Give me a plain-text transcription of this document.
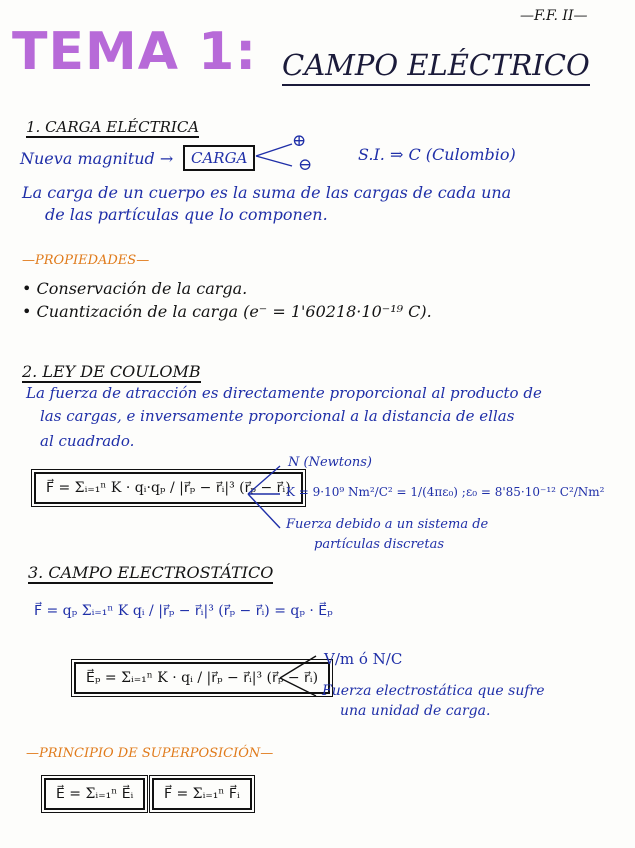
—F.F. II—
TEMA 1: CAMPO ELÉCTRICO
1. CARGA ELÉCTRICA
Nueva magnitud →	CARGA
⊕
⊖
S.I. ⇒ C (Culombio)
La carga de un cuerpo es la suma de las cargas de cada una
de las partículas que lo componen.
—PROPIEDADES—
• Conservación de la carga.
• Cuantización de la carga (e⁻ = 1'60218·10⁻¹⁹ C).
2. LEY DE COULOMB
La fuerza de atracción es directamente proporcional al producto de
las cargas, e inversamente proporcional a la distancia de ellas
al cuadrado.
F⃗ = Σᵢ₌₁ⁿ K · qᵢ·qₚ / |r⃗ₚ − r⃗ᵢ|³ (r⃗ₚ − r⃗ᵢ)
N (Newtons)
K = 9·10⁹ Nm²/C² = 1/(4πε₀) ; ε₀ = 8'85·10⁻¹² C²/Nm²
Fuerza debido a un sistema de
partículas discretas
3. CAMPO ELECTROSTÁTICO
F⃗ = qₚ Σᵢ₌₁ⁿ K qᵢ / |r⃗ₚ − r⃗ᵢ|³ (r⃗ₚ − r⃗ᵢ) = qₚ · E⃗ₚ
E⃗ₚ = Σᵢ₌₁ⁿ K · qᵢ / |r⃗ₚ − r⃗ᵢ|³ (r⃗ₚ − r⃗ᵢ)
V/m ó N/C
Fuerza electrostática que sufre
una unidad de carga.
—PRINCIPIO DE SUPERPOSICIÓN—
E⃗ = Σᵢ₌₁ⁿ E⃗ᵢ	F⃗ = Σᵢ₌₁ⁿ F⃗ᵢ
